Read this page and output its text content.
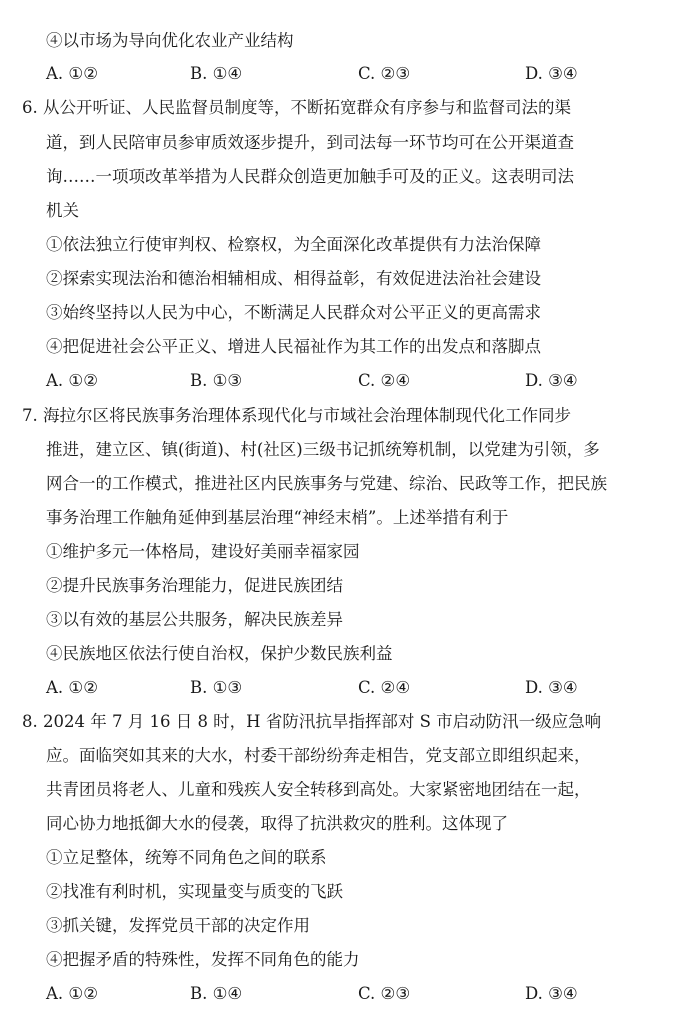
④以市场为导向优化农业产业结构
A. ①②	B. ①④	C. ②③	D. ③④
6. 从公开听证、人民监督员制度等，不断拓宽群众有序参与和监督司法的渠
道，到人民陪审员参审质效逐步提升，到司法每一环节均可在公开渠道查
询……一项项改革举措为人民群众创造更加触手可及的正义。这表明司法
机关
①依法独立行使审判权、检察权，为全面深化改革提供有力法治保障
②探索实现法治和德治相辅相成、相得益彰，有效促进法治社会建设
③始终坚持以人民为中心，不断满足人民群众对公平正义的更高需求
④把促进社会公平正义、增进人民福祉作为其工作的出发点和落脚点
A. ①②	B. ①③	C. ②④	D. ③④
7. 海拉尔区将民族事务治理体系现代化与市域社会治理体制现代化工作同步
推进，建立区、镇(街道)、村(社区)三级书记抓统筹机制，以党建为引领，多
网合一的工作模式，推进社区内民族事务与党建、综治、民政等工作，把民族
事务治理工作触角延伸到基层治理“神经末梢”。上述举措有利于
①维护多元一体格局，建设好美丽幸福家园
②提升民族事务治理能力，促进民族团结
③以有效的基层公共服务，解决民族差异
④民族地区依法行使自治权，保护少数民族利益
A. ①②	B. ①③	C. ②④	D. ③④
8. 2024 年 7 月 16 日 8 时，H 省防汛抗旱指挥部对 S 市启动防汛一级应急响
应。面临突如其来的大水，村委干部纷纷奔走相告，党支部立即组织起来，
共青团员将老人、儿童和残疾人安全转移到高处。大家紧密地团结在一起，
同心协力地抵御大水的侵袭，取得了抗洪救灾的胜利。这体现了
①立足整体，统筹不同角色之间的联系
②找准有利时机，实现量变与质变的飞跃
③抓关键，发挥党员干部的决定作用
④把握矛盾的特殊性，发挥不同角色的能力
A. ①②	B. ①④	C. ②③	D. ③④
